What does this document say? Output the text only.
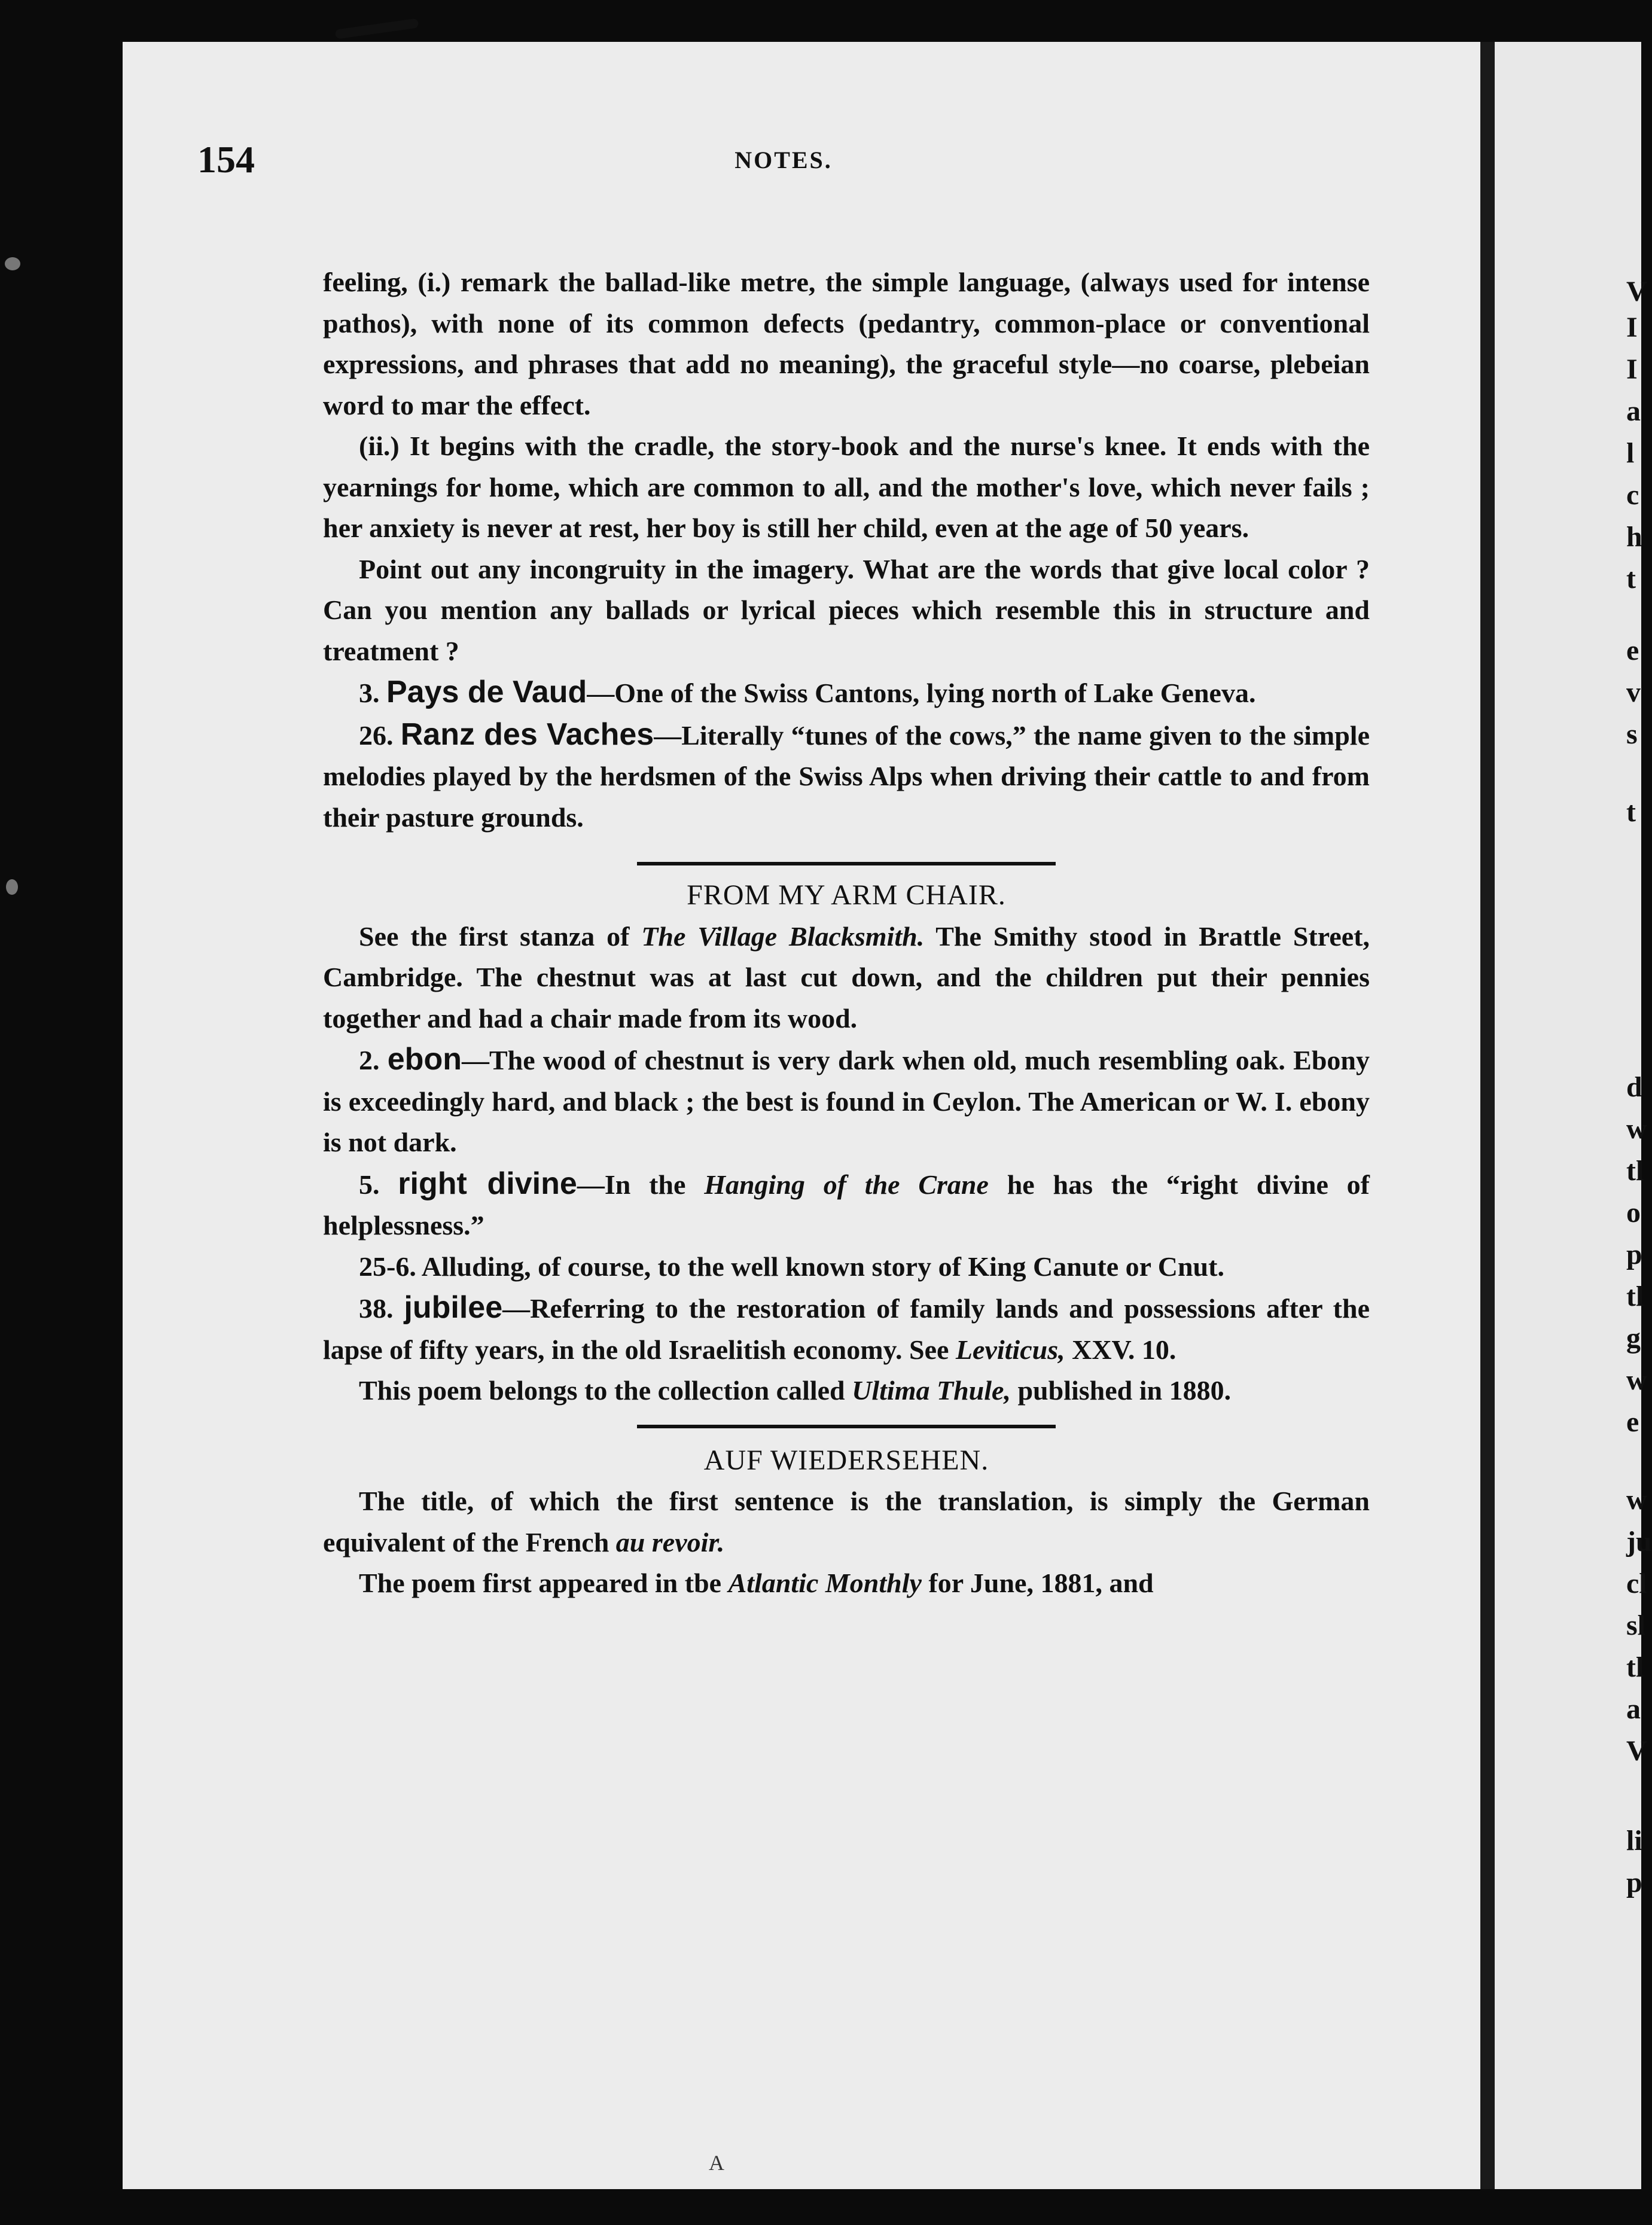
V
I
I
a
l
c
h
t
e
v
s
t
d
w
tl
o
p
tl
g
w
e
w
ju
cl
sl
tl
a
V
li
p
154	NOTES.

feeling, (i.) remark the ballad-like metre, the simple language, (always used for intense pathos), with none of its common defects (pedantry, common-place or conventional expressions, and phrases that add no meaning), the graceful style—no coarse, plebeian word to mar the effect.

(ii.) It begins with the cradle, the story-book and the nurse's knee. It ends with the yearnings for home, which are common to all, and the mother's love, which never fails ; her anxiety is never at rest, her boy is still her child, even at the age of 50 years.

Point out any incongruity in the imagery. What are the words that give local color ? Can you mention any ballads or lyrical pieces which resemble this in structure and treatment ?

3. Pays de Vaud—One of the Swiss Cantons, lying north of Lake Geneva.

26. Ranz des Vaches—Literally “tunes of the cows,” the name given to the simple melodies played by the herdsmen of the Swiss Alps when driving their cattle to and from their pasture grounds.

FROM MY ARM CHAIR.

See the first stanza of The Village Blacksmith. The Smithy stood in Brattle Street, Cambridge. The chestnut was at last cut down, and the children put their pennies together and had a chair made from its wood.

2. ebon—The wood of chestnut is very dark when old, much resembling oak. Ebony is exceedingly hard, and black ; the best is found in Ceylon. The American or W. I. ebony is not dark.

5. right divine—In the Hanging of the Crane he has the “right divine of helplessness.”

25-6. Alluding, of course, to the well known story of King Canute or Cnut.

38. jubilee—Referring to the restoration of family lands and possessions after the lapse of fifty years, in the old Israelitish economy. See Leviticus, XXV. 10.

This poem belongs to the collection called Ultima Thule, published in 1880.

AUF WIEDERSEHEN.

The title, of which the first sentence is the translation, is simply the German equivalent of the French au revoir.

The poem first appeared in tbe Atlantic Monthly for June, 1881, and

A
